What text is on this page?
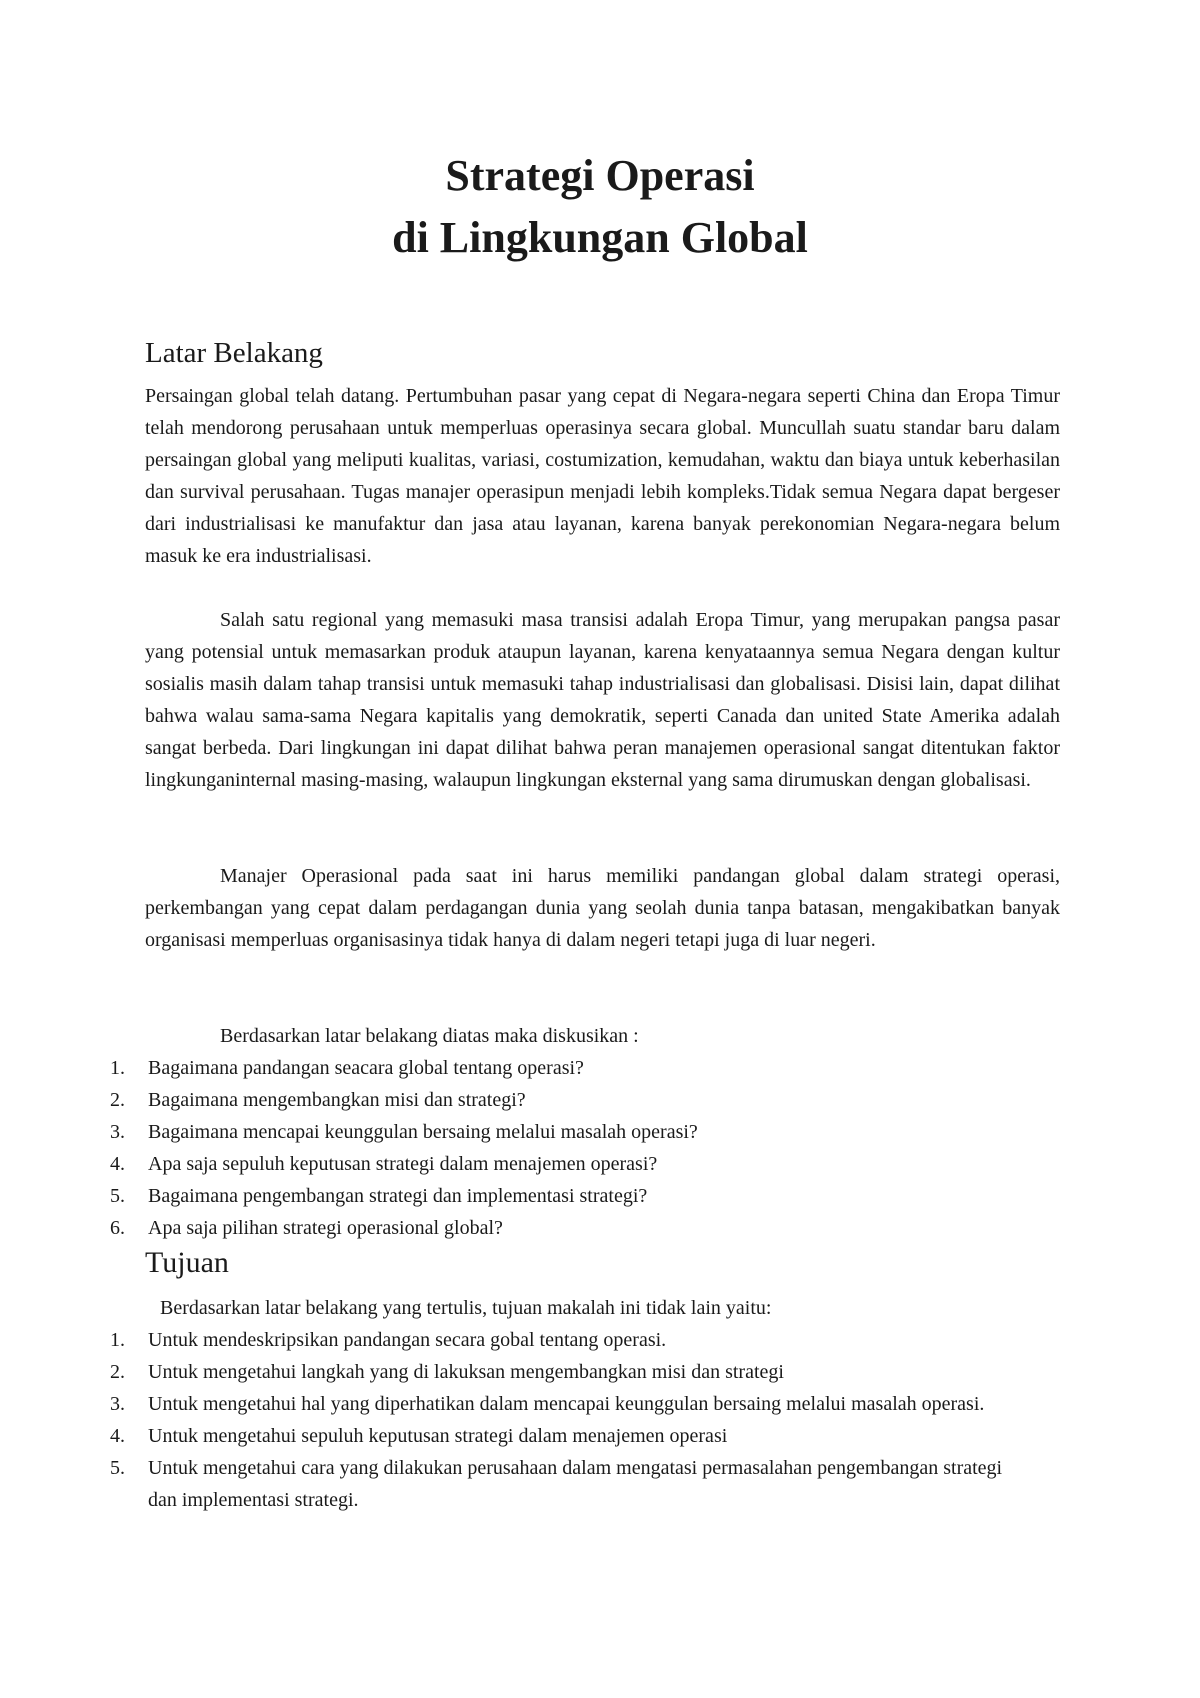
Strategi Operasi
di Lingkungan Global
Latar Belakang

Persaingan global telah datang. Pertumbuhan pasar yang cepat di Negara-negara seperti China dan Eropa Timur telah mendorong perusahaan untuk memperluas operasinya secara global. Muncullah suatu standar baru dalam persaingan global yang meliputi kualitas, variasi, costumization, kemudahan, waktu dan biaya untuk keberhasilan dan survival perusahaan. Tugas manajer operasipun menjadi lebih kompleks.Tidak semua Negara dapat bergeser dari industrialisasi ke manufaktur dan jasa atau layanan, karena banyak perekonomian Negara-negara belum masuk ke era industrialisasi.

Salah satu regional yang memasuki masa transisi adalah Eropa Timur, yang merupakan pangsa pasar yang potensial untuk memasarkan produk ataupun layanan, karena kenyataannya semua Negara dengan kultur sosialis masih dalam tahap transisi untuk memasuki tahap industrialisasi dan globalisasi. Disisi lain, dapat dilihat bahwa walau sama-sama Negara kapitalis yang demokratik, seperti Canada dan united State Amerika adalah sangat berbeda. Dari lingkungan ini dapat dilihat bahwa peran manajemen operasional sangat ditentukan faktor lingkunganinternal masing-masing, walaupun lingkungan eksternal yang sama dirumuskan dengan globalisasi.

Manajer Operasional pada saat ini harus memiliki pandangan global dalam strategi operasi, perkembangan yang cepat dalam perdagangan dunia yang seolah dunia tanpa batasan, mengakibatkan banyak organisasi memperluas organisasinya tidak hanya di dalam negeri tetapi juga di luar negeri.

Berdasarkan latar belakang diatas maka diskusikan :

1. Bagaimana pandangan seacara global tentang operasi?
2. Bagaimana mengembangkan misi dan strategi?
3. Bagaimana mencapai keunggulan bersaing melalui masalah operasi?
4. Apa saja sepuluh keputusan strategi dalam menajemen operasi?
5. Bagaimana pengembangan strategi dan implementasi strategi?
6. Apa saja pilihan strategi operasional global?
Tujuan

Berdasarkan latar belakang yang tertulis, tujuan makalah ini tidak lain yaitu:

1. Untuk mendeskripsikan pandangan secara gobal tentang operasi.
2. Untuk mengetahui langkah yang di lakuksan mengembangkan misi dan strategi
3. Untuk mengetahui hal yang diperhatikan dalam mencapai keunggulan bersaing melalui masalah operasi.
4. Untuk mengetahui sepuluh keputusan strategi dalam menajemen operasi
5. Untuk mengetahui cara yang dilakukan perusahaan dalam mengatasi permasalahan pengembangan strategi dan implementasi strategi.
